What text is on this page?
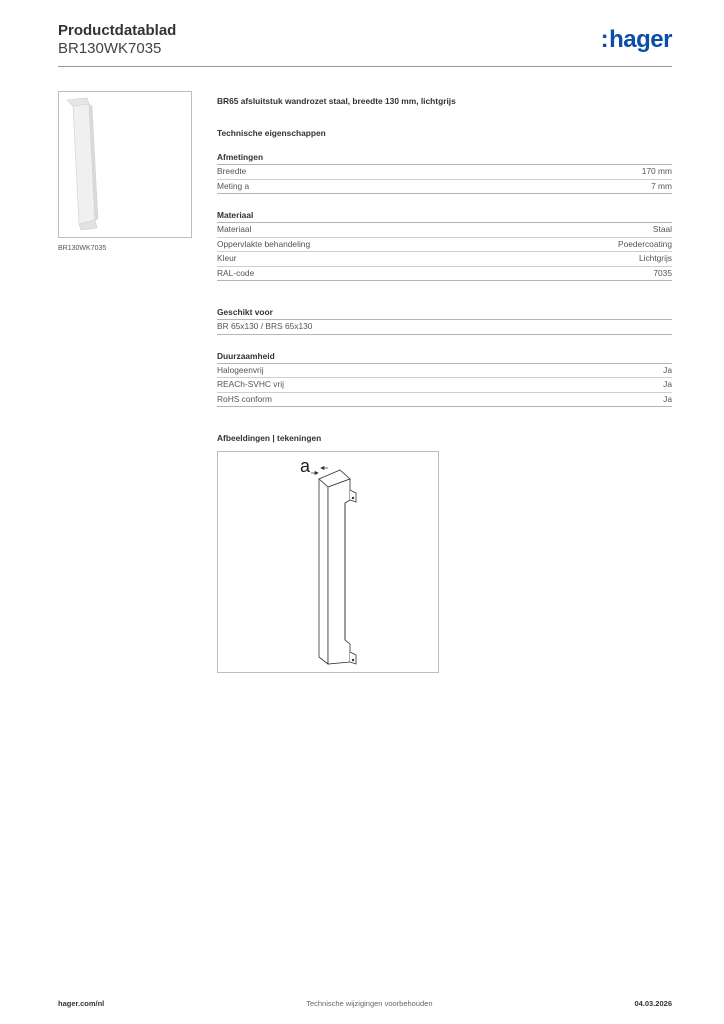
Productdatablad
BR130WK7035	:hager
BR130WK7035

BR65 afsluitstuk wandrozet staal, breedte 130 mm, lichtgrijs

Technische eigenschappen

Afmetingen
Breedte	170 mm
Meting a	7 mm
Materiaal
Materiaal	Staal
Oppervlakte behandeling	Poedercoating
Kleur	Lichtgrijs
RAL-code	7035
Geschikt voor
BR 65x130 / BRS 65x130
Duurzaamheid
Halogeenvrij	Ja
REACh-SVHC vrij	Ja
RoHS conform	Ja

Afbeeldingen | tekeningen

a
hager.com/nl	Technische wijzigingen voorbehouden	04.03.2026
